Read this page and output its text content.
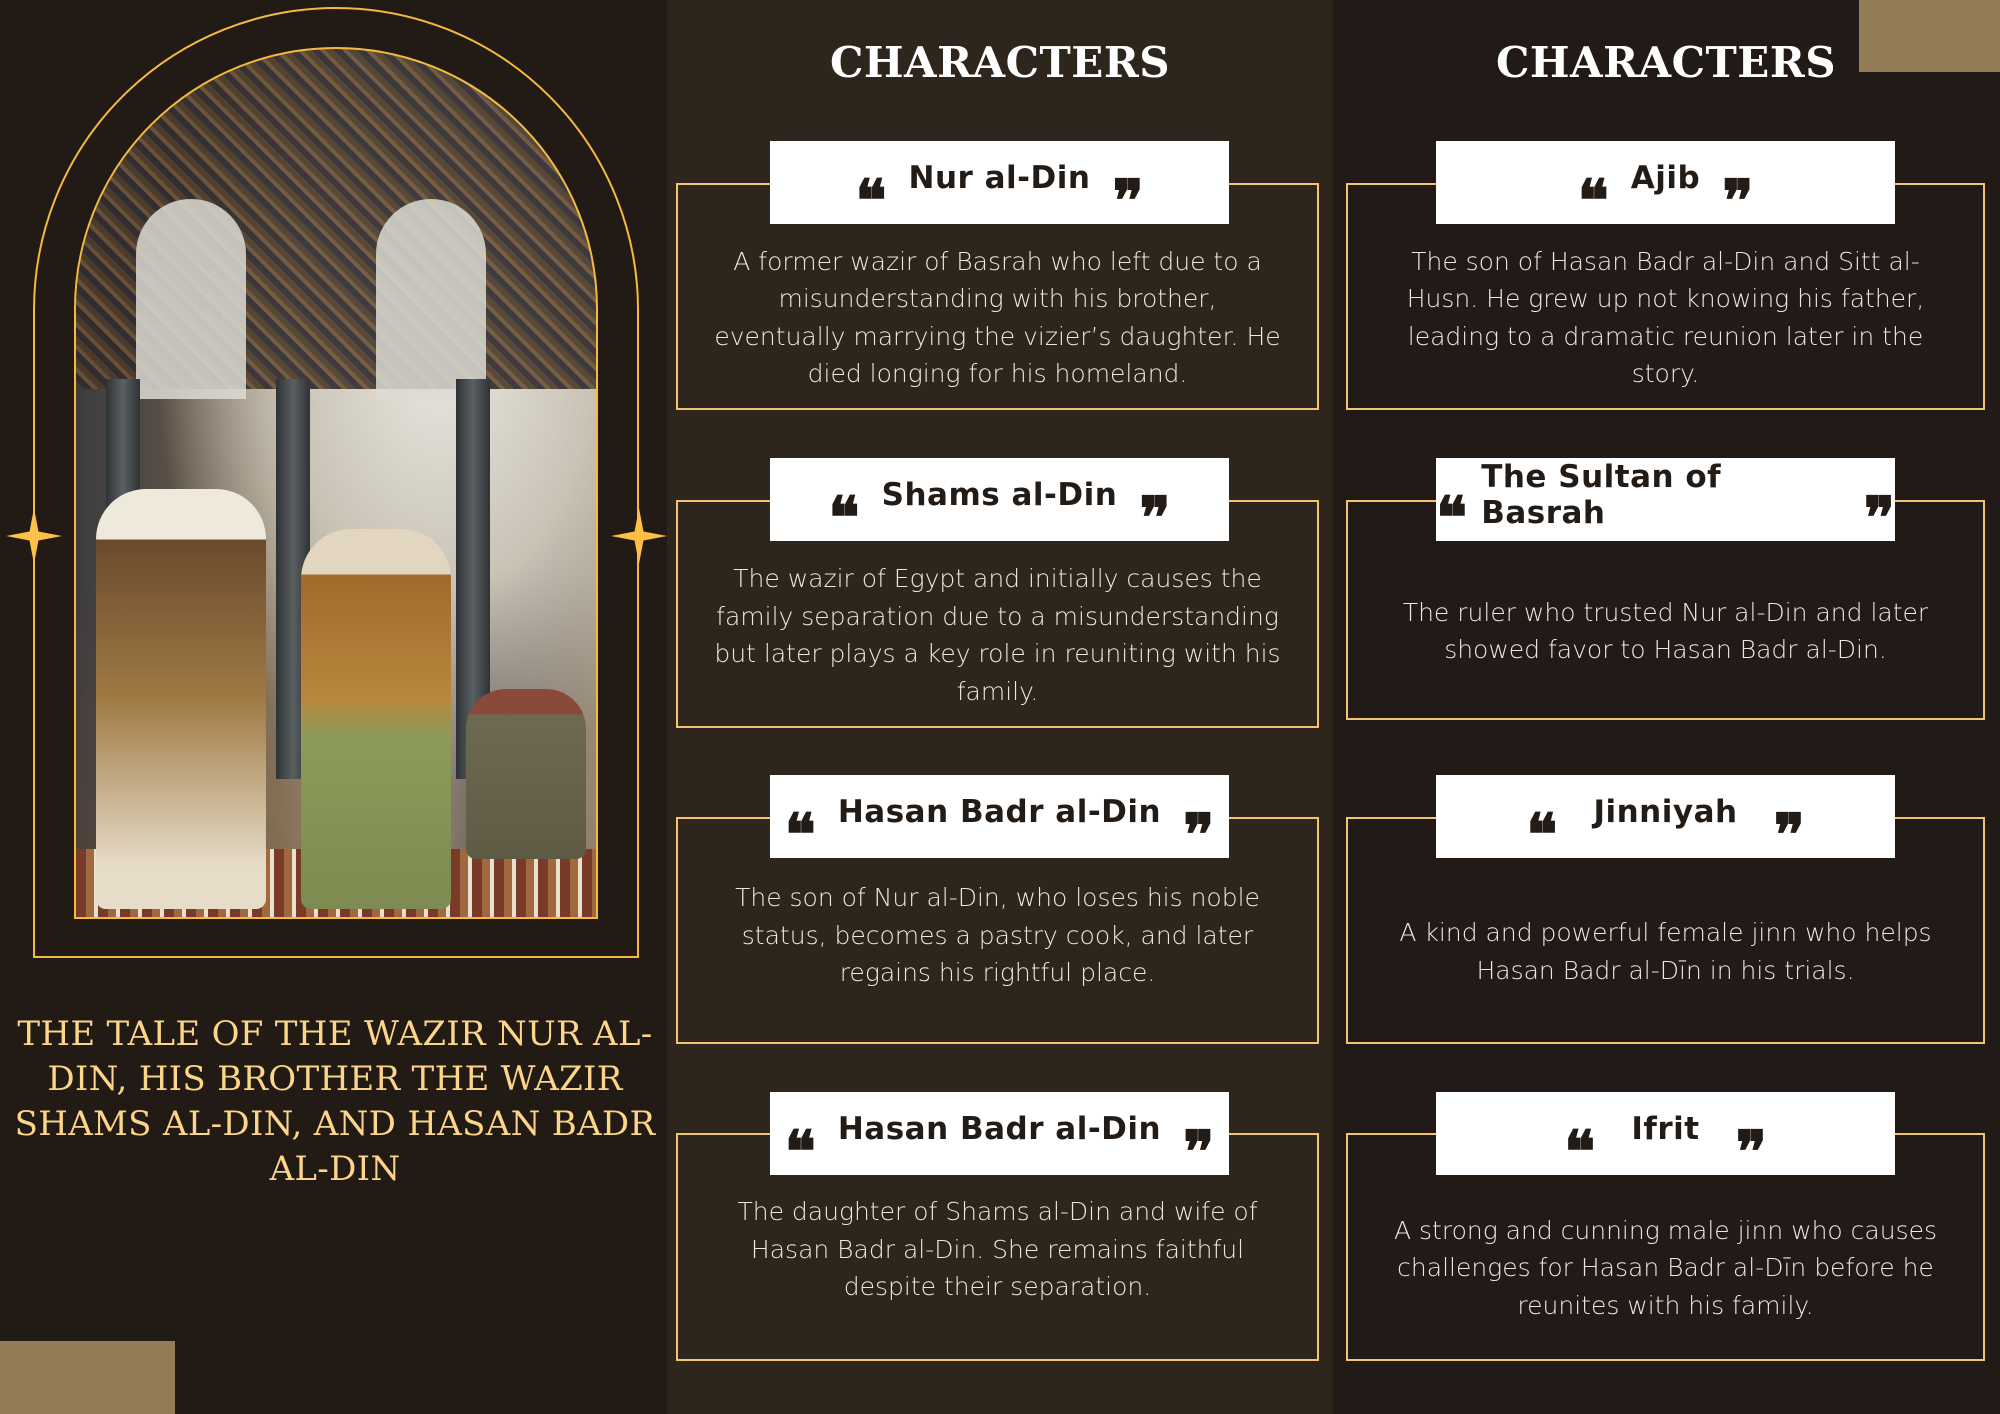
THE TALE OF THE WAZIR NUR AL-DIN, HIS BROTHER THE WAZIR SHAMS AL-DIN, AND HASAN BADR AL-DIN
CHARACTERS	CHARACTERS

A former wazir of Basrah who left due to a misunderstanding with his brother, eventually marrying the vizier’s daughter. He died longing for his homeland.

❝ Nur al-Din ❞

The wazir of Egypt and initially causes the family separation due to a misunderstanding but later plays a key role in reuniting with his family.

❝ Shams al-Din ❞

The son of Nur al-Din, who loses his noble status, becomes a pastry cook, and later regains his rightful place.

❝ Hasan Badr al-Din ❞

The daughter of Shams al-Din and wife of Hasan Badr al-Din. She remains faithful despite their separation.

❝ Hasan Badr al-Din ❞

The son of Hasan Badr al-Din and Sitt al-Husn. He grew up not knowing his father, leading to a dramatic reunion later in the story.

❝ Ajib ❞

The ruler who trusted Nur al-Din and later showed favor to Hasan Badr al-Din.

❝
The Sultan of Basrah	❞

A kind and powerful female jinn who helps Hasan Badr al-Dīn in his trials.

❝ Jinniyah ❞

A strong and cunning male jinn who causes challenges for Hasan Badr al-Dīn before he reunites with his family.

❝ Ifrit ❞
